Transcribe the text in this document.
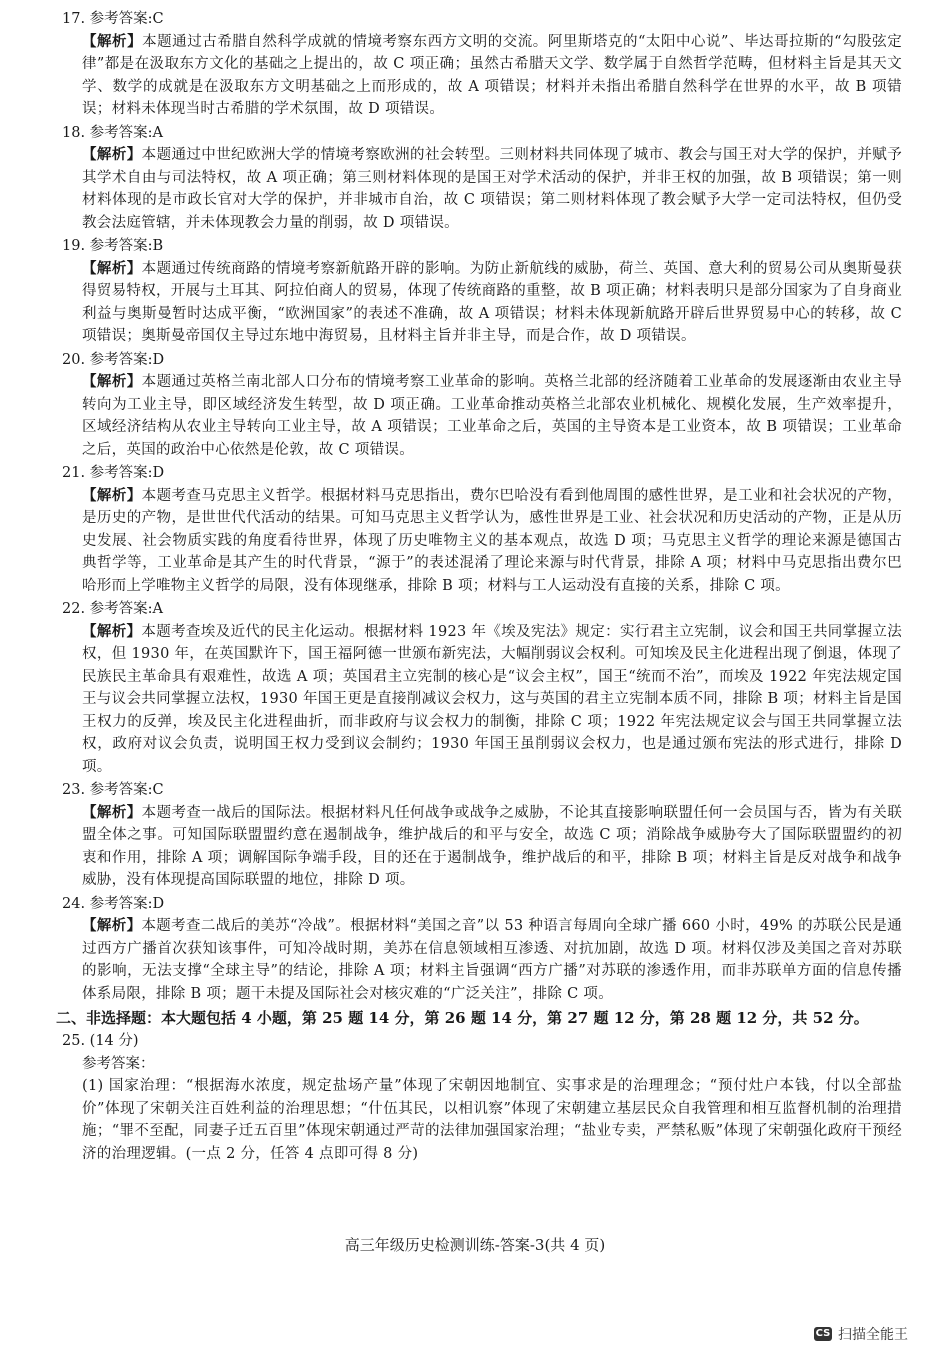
17. 参考答案:C

【解析】本题通过古希腊自然科学成就的情境考察东西方文明的交流。阿里斯塔克的“太阳中心说”、毕达哥拉斯的“勾股弦定律”都是在汲取东方文化的基础之上提出的，故 C 项正确；虽然古希腊天文学、数学属于自然哲学范畴，但材料主旨是其天文学、数学的成就是在汲取东方文明基础之上而形成的，故 A 项错误；材料并未指出希腊自然科学在世界的水平，故 B 项错误；材料未体现当时古希腊的学术氛围，故 D 项错误。

18. 参考答案:A

【解析】本题通过中世纪欧洲大学的情境考察欧洲的社会转型。三则材料共同体现了城市、教会与国王对大学的保护，并赋予其学术自由与司法特权，故 A 项正确；第三则材料体现的是国王对学术活动的保护，并非王权的加强，故 B 项错误；第一则材料体现的是市政长官对大学的保护，并非城市自治，故 C 项错误；第二则材料体现了教会赋予大学一定司法特权，但仍受教会法庭管辖，并未体现教会力量的削弱，故 D 项错误。

19. 参考答案:B

【解析】本题通过传统商路的情境考察新航路开辟的影响。为防止新航线的威胁，荷兰、英国、意大利的贸易公司从奥斯曼获得贸易特权，开展与土耳其、阿拉伯商人的贸易，体现了传统商路的重整，故 B 项正确；材料表明只是部分国家为了自身商业利益与奥斯曼暂时达成平衡，“欧洲国家”的表述不准确，故 A 项错误；材料未体现新航路开辟后世界贸易中心的转移，故 C 项错误；奥斯曼帝国仅主导过东地中海贸易，且材料主旨并非主导，而是合作，故 D 项错误。

20. 参考答案:D

【解析】本题通过英格兰南北部人口分布的情境考察工业革命的影响。英格兰北部的经济随着工业革命的发展逐渐由农业主导转向为工业主导，即区域经济发生转型，故 D 项正确。工业革命推动英格兰北部农业机械化、规模化发展，生产效率提升，区域经济结构从农业主导转向工业主导，故 A 项错误；工业革命之后，英国的主导资本是工业资本，故 B 项错误；工业革命之后，英国的政治中心依然是伦敦，故 C 项错误。

21. 参考答案:D

【解析】本题考查马克思主义哲学。根据材料马克思指出，费尔巴哈没有看到他周围的感性世界，是工业和社会状况的产物，是历史的产物，是世世代代活动的结果。可知马克思主义哲学认为，感性世界是工业、社会状况和历史活动的产物，正是从历史发展、社会物质实践的角度看待世界，体现了历史唯物主义的基本观点，故选 D 项；马克思主义哲学的理论来源是德国古典哲学等，工业革命是其产生的时代背景，“源于”的表述混淆了理论来源与时代背景，排除 A 项；材料中马克思指出费尔巴哈形而上学唯物主义哲学的局限，没有体现继承，排除 B 项；材料与工人运动没有直接的关系，排除 C 项。

22. 参考答案:A

【解析】本题考查埃及近代的民主化运动。根据材料 1923 年《埃及宪法》规定：实行君主立宪制，议会和国王共同掌握立法权，但 1930 年，在英国默许下，国王福阿德一世颁布新宪法，大幅削弱议会权利。可知埃及民主化进程出现了倒退，体现了民族民主革命具有艰难性，故选 A 项；英国君主立宪制的核心是“议会主权”，国王“统而不治”，而埃及 1922 年宪法规定国王与议会共同掌握立法权，1930 年国王更是直接削减议会权力，这与英国的君主立宪制本质不同，排除 B 项；材料主旨是国王权力的反弹，埃及民主化进程曲折，而非政府与议会权力的制衡，排除 C 项；1922 年宪法规定议会与国王共同掌握立法权，政府对议会负责，说明国王权力受到议会制约；1930 年国王虽削弱议会权力，也是通过颁布宪法的形式进行，排除 D 项。

23. 参考答案:C

【解析】本题考查一战后的国际法。根据材料凡任何战争或战争之威胁，不论其直接影响联盟任何一会员国与否，皆为有关联盟全体之事。可知国际联盟盟约意在遏制战争，维护战后的和平与安全，故选 C 项；消除战争威胁夸大了国际联盟盟约的初衷和作用，排除 A 项；调解国际争端手段，目的还在于遏制战争，维护战后的和平，排除 B 项；材料主旨是反对战争和战争威胁，没有体现提高国际联盟的地位，排除 D 项。

24. 参考答案:D

【解析】本题考查二战后的美苏“冷战”。根据材料“美国之音”以 53 种语言每周向全球广播 660 小时，49% 的苏联公民是通过西方广播首次获知该事件，可知冷战时期，美苏在信息领域相互渗透、对抗加剧，故选 D 项。材料仅涉及美国之音对苏联的影响，无法支撑“全球主导”的结论，排除 A 项；材料主旨强调“西方广播”对苏联的渗透作用，而非苏联单方面的信息传播体系局限，排除 B 项；题干未提及国际社会对核灾难的“广泛关注”，排除 C 项。

二、非选择题：本大题包括 4 小题，第 25 题 14 分，第 26 题 14 分，第 27 题 12 分，第 28 题 12 分，共 52 分。

25. (14 分)

参考答案：

(1) 国家治理：“根据海水浓度，规定盐场产量”体现了宋朝因地制宜、实事求是的治理理念；“预付灶户本钱，付以全部盐价”体现了宋朝关注百姓利益的治理思想；“什伍其民，以相讥察”体现了宋朝建立基层民众自我管理和相互监督机制的治理措施；“罪不至配，同妻子迁五百里”体现宋朝通过严苛的法律加强国家治理；“盐业专卖，严禁私贩”体现了宋朝强化政府干预经济的治理逻辑。(一点 2 分，任答 4 点即可得 8 分)

高三年级历史检测训练-答案-3(共 4 页)
CS 扫描全能王
